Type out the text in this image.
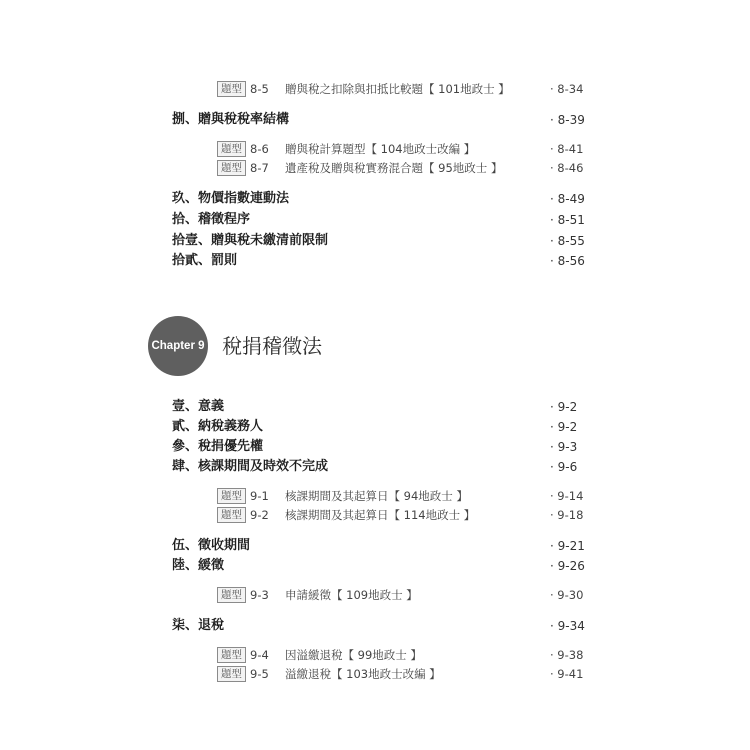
題型 8-5 贈與稅之扣除與扣抵比較題【 101地政士 】	· 8-34
捌、贈與稅稅率結構	· 8-39
題型 8-6 贈與稅計算題型【 104地政士改編 】	· 8-41
題型 8-7 遺產稅及贈與稅實務混合題【 95地政士 】	· 8-46
玖、物價指數連動法	· 8-49
拾、稽徵程序	· 8-51
拾壹、贈與稅未繳清前限制	· 8-55
拾貳、罰則	· 8-56
Chapter 9 稅捐稽徵法
壹、意義	· 9-2
貳、納稅義務人	· 9-2
參、稅捐優先權	· 9-3
肆、核課期間及時效不完成	· 9-6
題型 9-1 核課期間及其起算日【 94地政士 】	· 9-14
題型 9-2 核課期間及其起算日【 114地政士 】	· 9-18
伍、徵收期間	· 9-21
陸、緩徵	· 9-26
題型 9-3 申請緩徵【 109地政士 】	· 9-30
柒、退稅	· 9-34
題型 9-4 因溢繳退稅【 99地政士 】	· 9-38
題型 9-5 溢繳退稅【 103地政士改編 】	· 9-41
